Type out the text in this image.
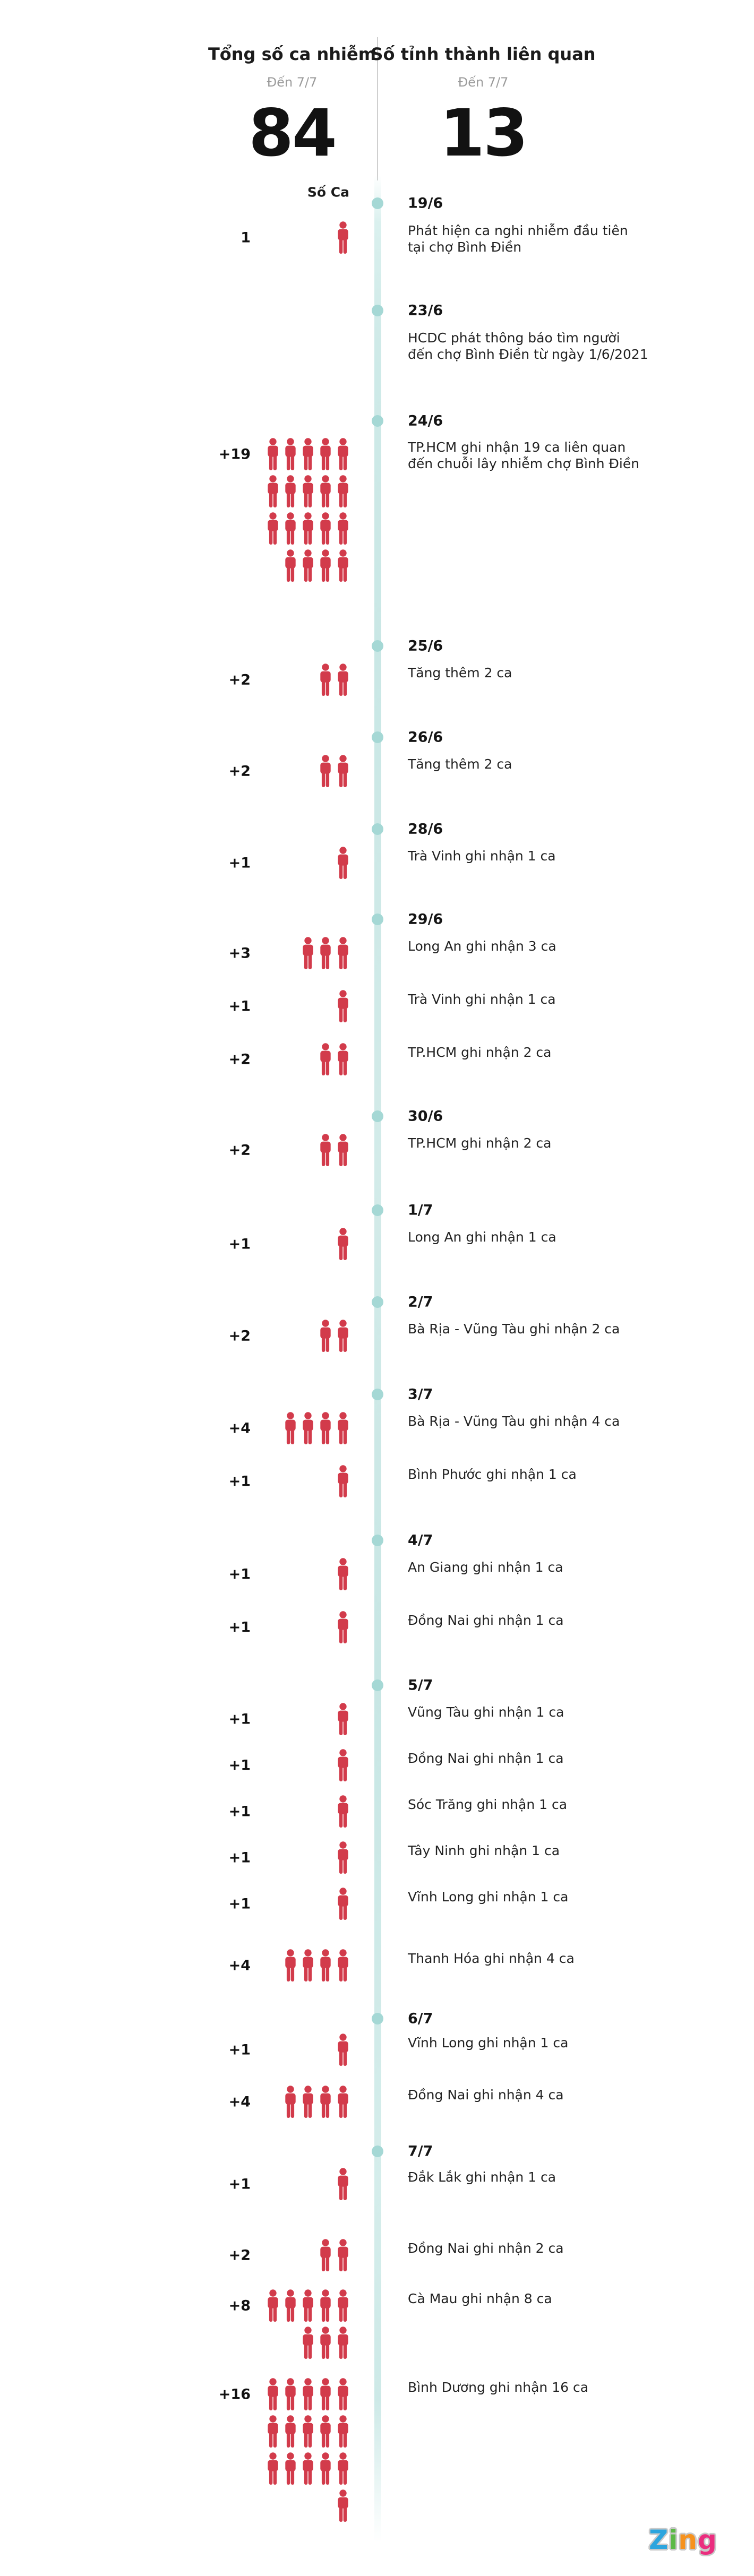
Tổng số ca nhiễm
Đến 7/7
84
Số tỉnh thành liên quan
Đến 7/7
13
Số Ca
19/6
1	Phát hiện ca nghi nhiễm đầu tiên
tại chợ Bình Điền
23/6
HCDC phát thông báo tìm người
đến chợ Bình Điền từ ngày 1/6/2021
24/6
+19	TP.HCM ghi nhận 19 ca liên quan
đến chuỗi lây nhiễm chợ Bình Điền
25/6
+2	Tăng thêm 2 ca
26/6
+2	Tăng thêm 2 ca
28/6
+1	Trà Vinh ghi nhận 1 ca
29/6
+3	Long An ghi nhận 3 ca
+1	Trà Vinh ghi nhận 1 ca
+2	TP.HCM ghi nhận 2 ca
30/6
+2	TP.HCM ghi nhận 2 ca
1/7
+1	Long An ghi nhận 1 ca
2/7
+2	Bà Rịa - Vũng Tàu ghi nhận 2 ca
3/7
+4	Bà Rịa - Vũng Tàu ghi nhận 4 ca
+1	Bình Phước ghi nhận 1 ca
4/7
+1	An Giang ghi nhận 1 ca
+1	Đồng Nai ghi nhận 1 ca
5/7
+1	Vũng Tàu ghi nhận 1 ca
+1	Đồng Nai ghi nhận 1 ca
+1	Sóc Trăng ghi nhận 1 ca
+1	Tây Ninh ghi nhận 1 ca
+1	Vĩnh Long ghi nhận 1 ca
+4	Thanh Hóa ghi nhận 4 ca
6/7
+1	Vĩnh Long ghi nhận 1 ca
+4	Đồng Nai ghi nhận 4 ca
7/7
+1	Đắk Lắk ghi nhận 1 ca
+2	Đồng Nai ghi nhận 2 ca
+8	Cà Mau ghi nhận 8 ca
+16	Bình Dương ghi nhận 16 ca
Zing
